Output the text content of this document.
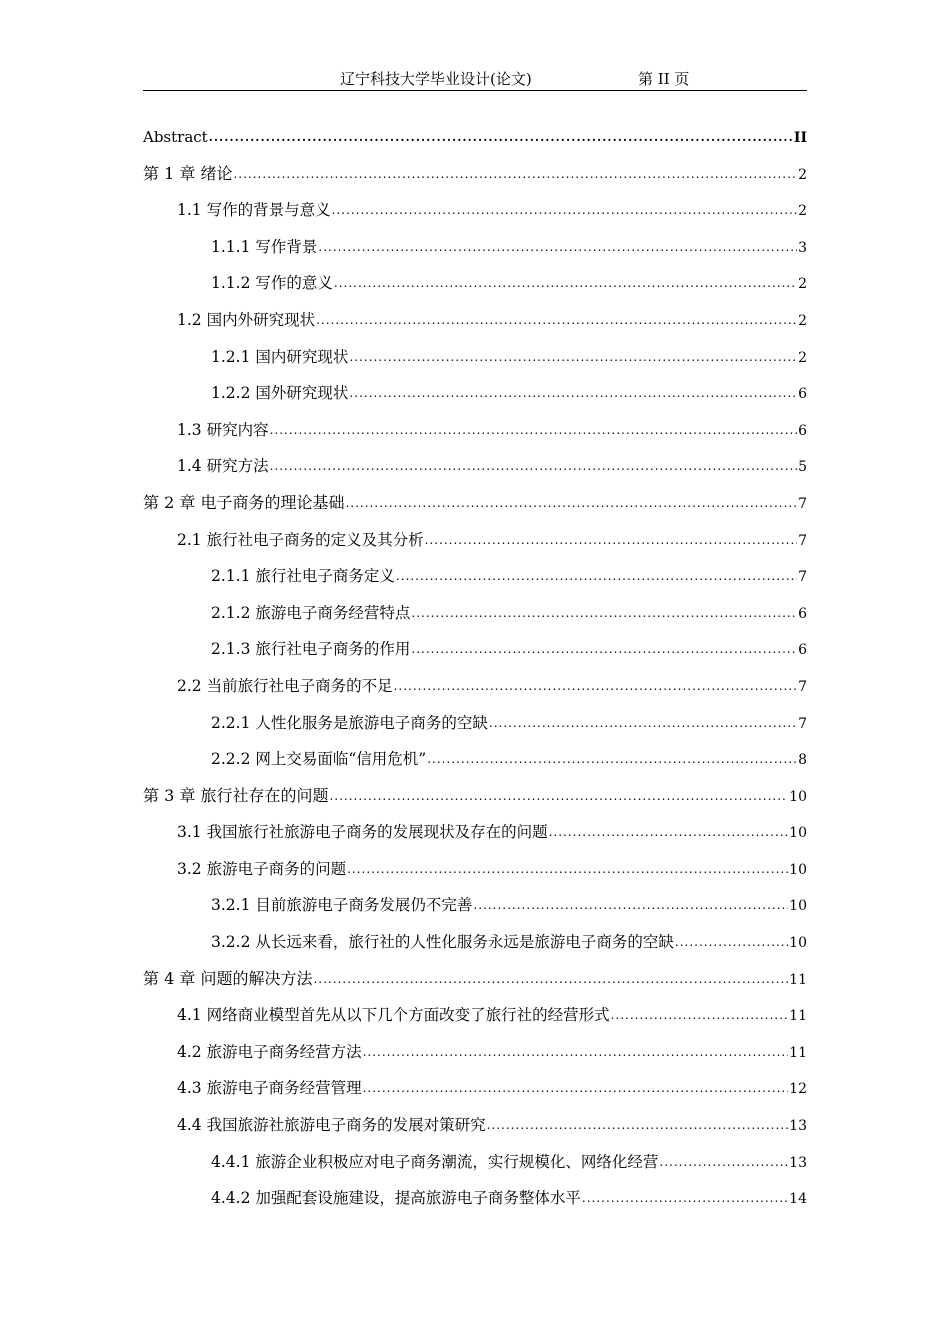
辽宁科技大学毕业设计(论文)	第 II 页
Abstract .....	II
第 1 章 绪论 .....	2
1.1 写作的背景与意义 .....	2
1.1.1 写作背景 .....	3
1.1.2 写作的意义 .....	2
1.2 国内外研究现状 .....	2
1.2.1 国内研究现状 .....	2
1.2.2 国外研究现状 .....	6
1.3 研究内容 .....	6
1.4 研究方法 .....	5
第 2 章 电子商务的理论基础 .....	7
2.1 旅行社电子商务的定义及其分析 .....	7
2.1.1 旅行社电子商务定义 .....	7
2.1.2 旅游电子商务经营特点 .....	6
2.1.3 旅行社电子商务的作用 .....	6
2.2 当前旅行社电子商务的不足 .....	7
2.2.1 人性化服务是旅游电子商务的空缺 .....	7
2.2.2 网上交易面临“信用危机” .....	8
第 3 章 旅行社存在的问题 .....	10
3.1 我国旅行社旅游电子商务的发展现状及存在的问题 .....	10
3.2 旅游电子商务的问题 .....	10
3.2.1 目前旅游电子商务发展仍不完善 .....	10
3.2.2 从长远来看，旅行社的人性化服务永远是旅游电子商务的空缺 .....	10
第 4 章 问题的解决方法 .....	11
4.1 网络商业模型首先从以下几个方面改变了旅行社的经营形式 .....	11
4.2 旅游电子商务经营方法 .....	11
4.3 旅游电子商务经营管理 .....	12
4.4 我国旅游社旅游电子商务的发展对策研究 .....	13
4.4.1 旅游企业积极应对电子商务潮流，实行规模化、网络化经营 .....	13
4.4.2 加强配套设施建设，提高旅游电子商务整体水平 .....	14
